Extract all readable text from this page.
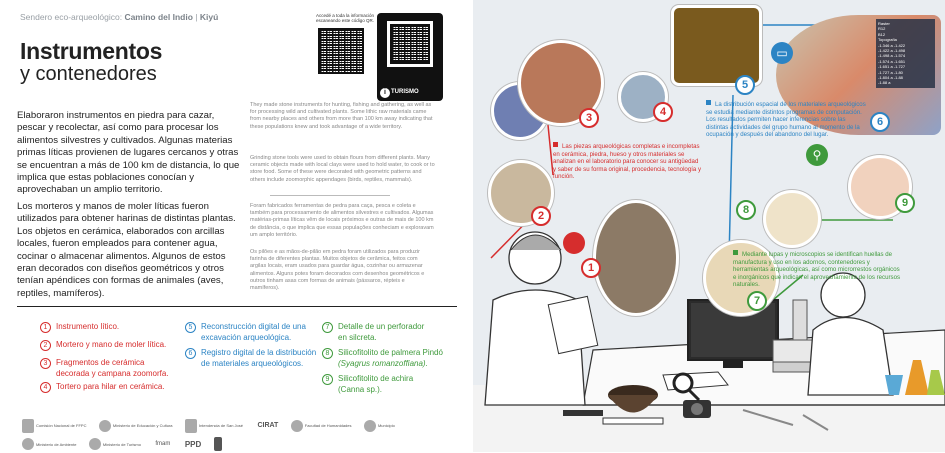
Sendero eco-arqueológico: Camino del Indio | Kiyú	Accedé a toda la información escaneando este código QR.
i TURISMO
Instrumentos
y contenedores
Elaboraron instrumentos en piedra para cazar, pescar y recolectar, así como para procesar los alimentos silvestres y cultivados. Algunas materias primas líticas provienen de lugares cercanos y otras se encuentran a más de 100 km de distancia, lo que implica que estas poblaciones conocían y aprovechaban un amplio territorio.
Los morteros y manos de moler líticas fueron utilizados para obtener harinas de distintas plantas. Los objetos en cerámica, elaborados con arcillas locales, fueron empleados para contener agua, cocinar o almacenar alimentos. Algunos de estos eran decorados con diseños geométricos y otros tenían apéndices con formas de animales (aves, reptiles, mamíferos).
They made stone instruments for hunting, fishing and gathering, as well as for processing wild and cultivated plants. Some lithic raw materials came from nearby places and others from more than 100 km away indicating that these populations knew and took advantage of a wide territory.
Grinding stone tools were used to obtain flours from different plants. Many ceramic objects made with local clays were used to hold water, to cook or to store food. Some of these were decorated with geometric patterns and others include zoomorphic appendages (birds, reptiles, mammals).
Foram fabricados ferramentas de pedra para caça, pesca e coleta e também para processamento de alimentos silvestres e cultivados. Algumas matérias-primas líticas vêm de locais próximos e outras de mais de 100 km de distância, o que implica que essas populações conheciam e exploravam um amplo território.
Os pilões e as mãos-de-pilão em pedra foram utilizados para produzir farinha de diferentes plantas. Muitos objetos de cerâmica, feitos com argilas locais, eram usados para guardar água, cozinhar ou armazenar alimentos. Alguns potes foram decorados com desenhos geométricos e outros tinham asas com formas de animais (pássaros, répteis e mamíferos).
1 Instrumento lítico.
2 Mortero y mano de moler lítica.
3 Fragmentos de cerámica
decorada y campana zoomorfa.
4 Tortero para hilar en cerámica.
5 Reconstrucción digital de una
excavación arqueológica.
6 Registro digital de la distribución
de materiales arqueológicos.
7 Detalle de un perforador
en silcreta.
8 Silicofitolito de palmera Pindó
(Syagrus romanzoffiana).
9 Silicofitolito de achira
(Canna sp.).
Comisión Nacional de FFPC	Ministerio de Educación y Cultura	Intendencia de San José CIRAT	Facultad de Humanidades	Municipio Ministerio de Ambiente	Ministerio de Turismo fmam PPD
Raster
R12
B12
Topografía
-1.346 a -1.422
-1.422 a -1.498
-1.498 a -1.574
-1.574 a -1.651
-1.651 a -1.727
-1.727 a -1.80
-1.804 a -1.88
-1.88 a
3	4
2
1
5
6
8
9
7
▭
⚲
Las piezas arqueológicas completas e incompletas en cerámica, piedra, hueso y otros materiales se analizan en el laboratorio para conocer su antigüedad y saber de su forma original, procedencia, tecnología y función.
La distribución espacial de los materiales arqueológicos se estudia mediante distintos programas de computación. Los resultados permiten hacer inferencias sobre las distintas actividades del grupo humano al momento de la ocupación y después del abandono del lugar.
Mediante lupas y microscopios se identifican huellas de manufactura y uso en los adornos, contenedores y herramientas arqueológicas, así como microrrestos orgánicos e inorgánicos que indican el aprovechamiento de los recursos naturales.
